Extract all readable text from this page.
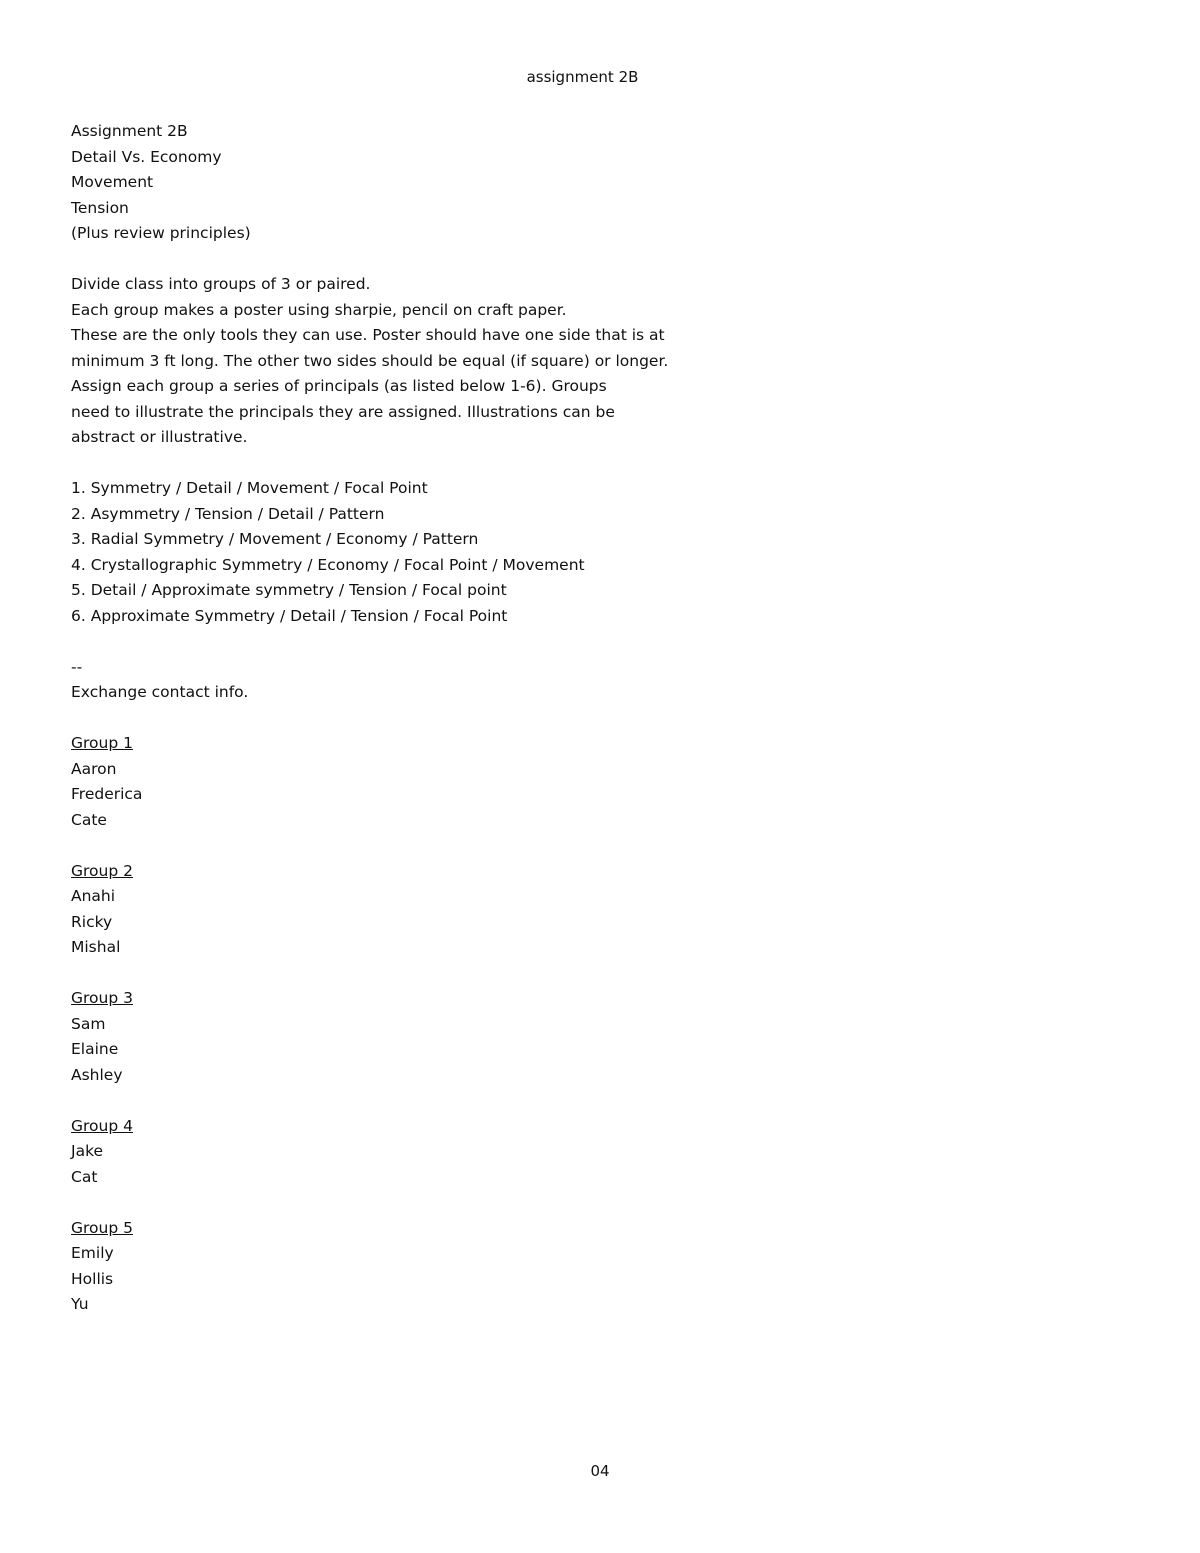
assignment 2B
Assignment 2B
Detail Vs. Economy
Movement
Tension
(Plus review principles)
Divide class into groups of 3 or paired.
Each group makes a poster using sharpie, pencil on craft paper.
These are the only tools they can use. Poster should have one side that is at
minimum 3 ft long. The other two sides should be equal (if square) or longer.
Assign each group a series of principals (as listed below 1-6). Groups
need to illustrate the principals they are assigned. Illustrations can be
abstract or illustrative.
1. Symmetry / Detail / Movement / Focal Point
2. Asymmetry / Tension / Detail / Pattern
3. Radial Symmetry / Movement / Economy / Pattern
4. Crystallographic Symmetry / Economy / Focal Point / Movement
5. Detail / Approximate symmetry / Tension / Focal point
6. Approximate Symmetry / Detail / Tension / Focal Point
--
Exchange contact info.
Group 1
Aaron
Frederica
Cate
Group 2
Anahi
Ricky
Mishal
Group 3
Sam
Elaine
Ashley
Group 4
Jake
Cat
Group 5
Emily
Hollis
Yu
04
